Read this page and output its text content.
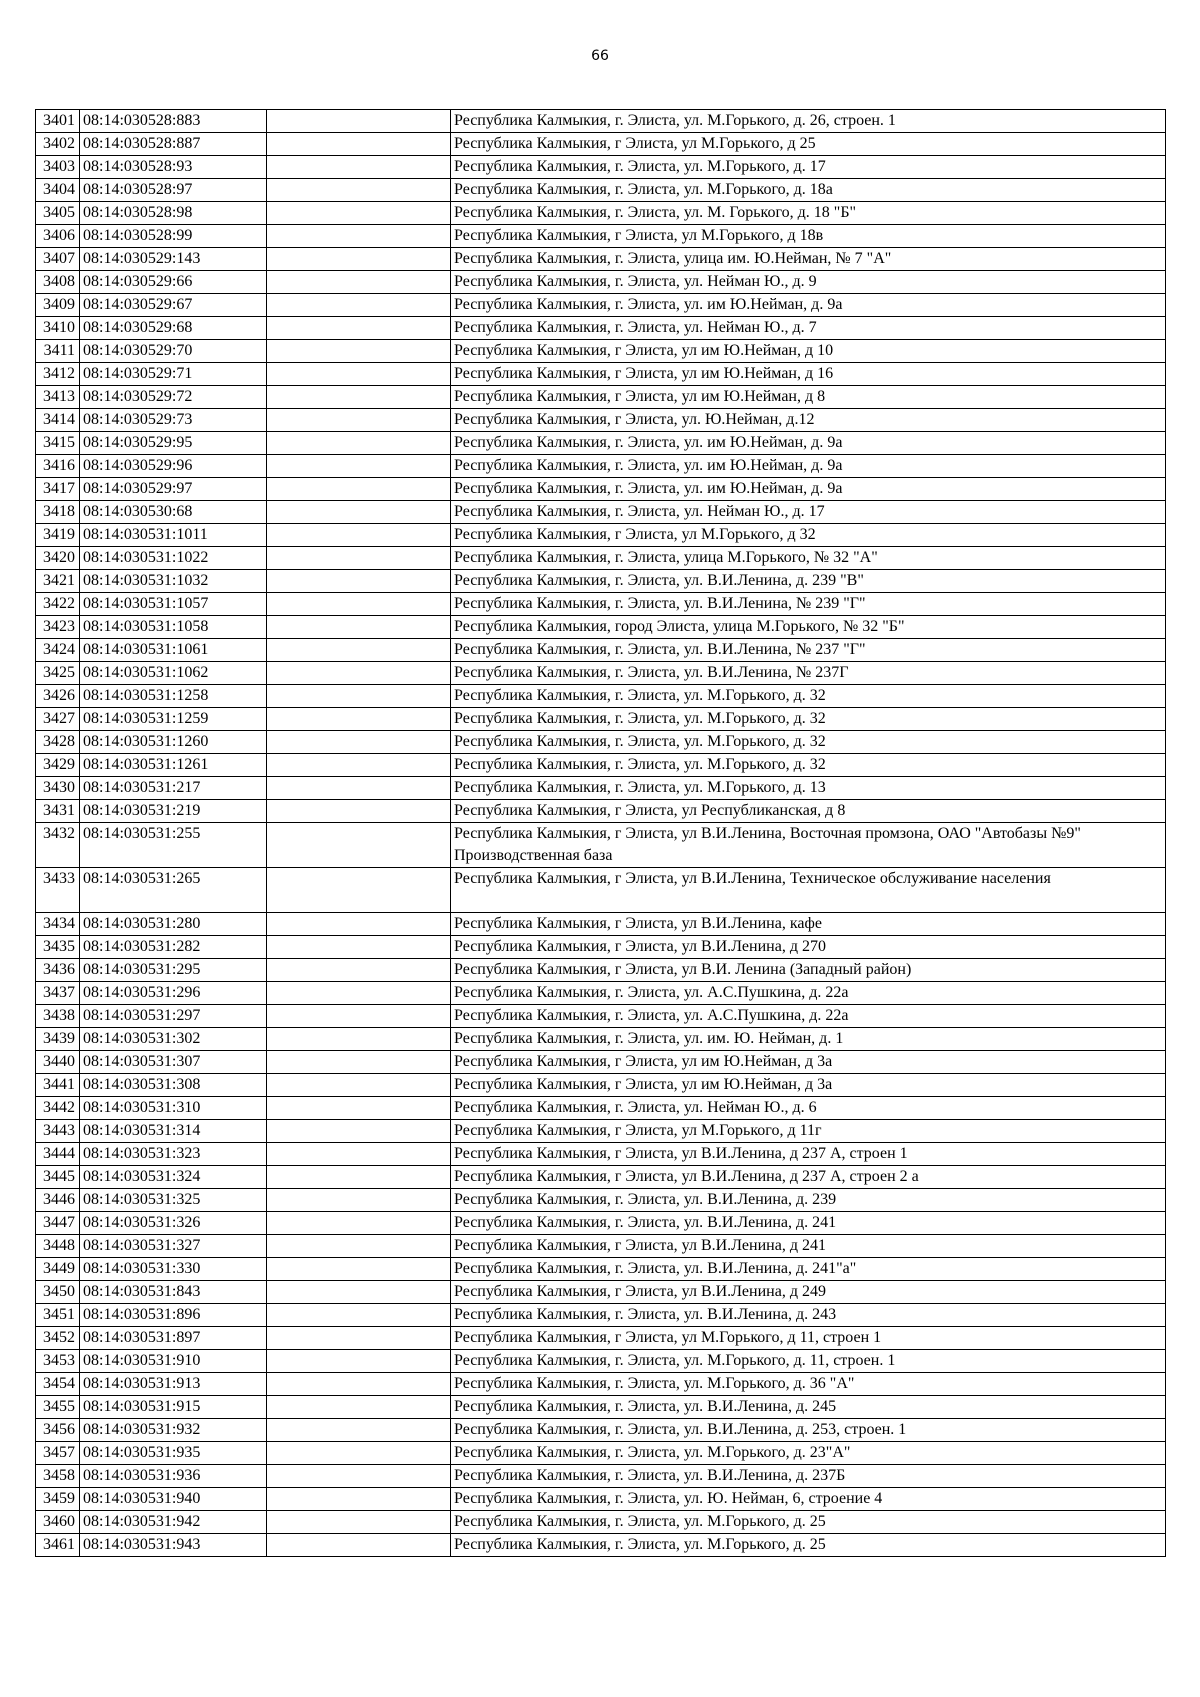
66
3401	08:14:030528:883		Республика Калмыкия, г. Элиста, ул. М.Горького, д. 26, строен. 1
3402	08:14:030528:887		Республика Калмыкия, г Элиста, ул М.Горького, д 25
3403	08:14:030528:93		Республика Калмыкия, г. Элиста, ул. М.Горького, д. 17
3404	08:14:030528:97		Республика Калмыкия, г. Элиста, ул. М.Горького, д. 18а
3405	08:14:030528:98		Республика Калмыкия, г. Элиста, ул. М. Горького, д. 18 "Б"
3406	08:14:030528:99		Республика Калмыкия, г Элиста, ул М.Горького, д 18в
3407	08:14:030529:143		Республика Калмыкия, г. Элиста, улица им. Ю.Нейман, № 7 "А"
3408	08:14:030529:66		Республика Калмыкия, г. Элиста, ул. Нейман Ю., д. 9
3409	08:14:030529:67		Республика Калмыкия, г. Элиста, ул. им Ю.Нейман, д. 9а
3410	08:14:030529:68		Республика Калмыкия, г. Элиста, ул. Нейман Ю., д. 7
3411	08:14:030529:70		Республика Калмыкия, г Элиста, ул им Ю.Нейман, д 10
3412	08:14:030529:71		Республика Калмыкия, г Элиста, ул им Ю.Нейман, д 16
3413	08:14:030529:72		Республика Калмыкия, г Элиста, ул им Ю.Нейман, д 8
3414	08:14:030529:73		Республика Калмыкия, г Элиста, ул. Ю.Нейман, д.12
3415	08:14:030529:95		Республика Калмыкия, г. Элиста, ул. им Ю.Нейман, д. 9а
3416	08:14:030529:96		Республика Калмыкия, г. Элиста, ул. им Ю.Нейман, д. 9а
3417	08:14:030529:97		Республика Калмыкия, г. Элиста, ул. им Ю.Нейман, д. 9а
3418	08:14:030530:68		Республика Калмыкия, г. Элиста, ул. Нейман Ю., д. 17
3419	08:14:030531:1011		Республика Калмыкия, г Элиста, ул М.Горького, д 32
3420	08:14:030531:1022		Республика Калмыкия, г. Элиста, улица М.Горького, № 32 "А"
3421	08:14:030531:1032		Республика Калмыкия, г. Элиста, ул. В.И.Ленина, д. 239 "В"
3422	08:14:030531:1057		Республика Калмыкия, г. Элиста, ул. В.И.Ленина, № 239 "Г"
3423	08:14:030531:1058		Республика Калмыкия, город Элиста, улица М.Горького, № 32 "Б"
3424	08:14:030531:1061		Республика Калмыкия, г. Элиста, ул. В.И.Ленина, № 237 "Г"
3425	08:14:030531:1062		Республика Калмыкия, г. Элиста, ул. В.И.Ленина, № 237Г
3426	08:14:030531:1258		Республика Калмыкия, г. Элиста, ул. М.Горького, д. 32
3427	08:14:030531:1259		Республика Калмыкия, г. Элиста, ул. М.Горького, д. 32
3428	08:14:030531:1260		Республика Калмыкия, г. Элиста, ул. М.Горького, д. 32
3429	08:14:030531:1261		Республика Калмыкия, г. Элиста, ул. М.Горького, д. 32
3430	08:14:030531:217		Республика Калмыкия, г. Элиста, ул. М.Горького, д. 13
3431	08:14:030531:219		Республика Калмыкия, г Элиста, ул Республиканская, д 8
3432	08:14:030531:255		Республика Калмыкия, г Элиста, ул В.И.Ленина, Восточная промзона, ОАО "Автобазы №9" Производственная база
3433	08:14:030531:265		Республика Калмыкия, г Элиста, ул В.И.Ленина, Техническое обслуживание населения
3434	08:14:030531:280		Республика Калмыкия, г Элиста, ул В.И.Ленина, кафе
3435	08:14:030531:282		Республика Калмыкия, г Элиста, ул В.И.Ленина, д 270
3436	08:14:030531:295		Республика Калмыкия, г Элиста, ул В.И. Ленина (Западный район)
3437	08:14:030531:296		Республика Калмыкия, г. Элиста, ул. А.С.Пушкина, д. 22а
3438	08:14:030531:297		Республика Калмыкия, г. Элиста, ул. А.С.Пушкина, д. 22а
3439	08:14:030531:302		Республика Калмыкия, г. Элиста, ул. им. Ю. Нейман, д. 1
3440	08:14:030531:307		Республика Калмыкия, г Элиста, ул им Ю.Нейман, д 3а
3441	08:14:030531:308		Республика Калмыкия, г Элиста, ул им Ю.Нейман, д 3а
3442	08:14:030531:310		Республика Калмыкия, г. Элиста, ул. Нейман Ю., д. 6
3443	08:14:030531:314		Республика Калмыкия, г Элиста, ул М.Горького, д 11г
3444	08:14:030531:323		Республика Калмыкия, г Элиста, ул В.И.Ленина, д 237 А, строен 1
3445	08:14:030531:324		Республика Калмыкия, г Элиста, ул В.И.Ленина, д 237 А, строен 2 а
3446	08:14:030531:325		Республика Калмыкия, г. Элиста, ул. В.И.Ленина, д. 239
3447	08:14:030531:326		Республика Калмыкия, г. Элиста, ул. В.И.Ленина, д. 241
3448	08:14:030531:327		Республика Калмыкия, г Элиста, ул В.И.Ленина, д 241
3449	08:14:030531:330		Республика Калмыкия, г. Элиста, ул. В.И.Ленина, д. 241"а"
3450	08:14:030531:843		Республика Калмыкия, г Элиста, ул В.И.Ленина, д 249
3451	08:14:030531:896		Республика Калмыкия, г. Элиста, ул. В.И.Ленина, д. 243
3452	08:14:030531:897		Республика Калмыкия, г Элиста, ул М.Горького, д 11, строен 1
3453	08:14:030531:910		Республика Калмыкия, г. Элиста, ул. М.Горького, д. 11, строен. 1
3454	08:14:030531:913		Республика Калмыкия, г. Элиста, ул. М.Горького, д. 36 "А"
3455	08:14:030531:915		Республика Калмыкия, г. Элиста, ул. В.И.Ленина, д. 245
3456	08:14:030531:932		Республика Калмыкия, г. Элиста, ул. В.И.Ленина, д. 253, строен. 1
3457	08:14:030531:935		Республика Калмыкия, г. Элиста, ул. М.Горького, д. 23"А"
3458	08:14:030531:936		Республика Калмыкия, г. Элиста, ул. В.И.Ленина, д. 237Б
3459	08:14:030531:940		Республика Калмыкия, г. Элиста, ул. Ю. Нейман, 6, строение 4
3460	08:14:030531:942		Республика Калмыкия, г. Элиста, ул. М.Горького, д. 25
3461	08:14:030531:943		Республика Калмыкия, г. Элиста, ул. М.Горького, д. 25
